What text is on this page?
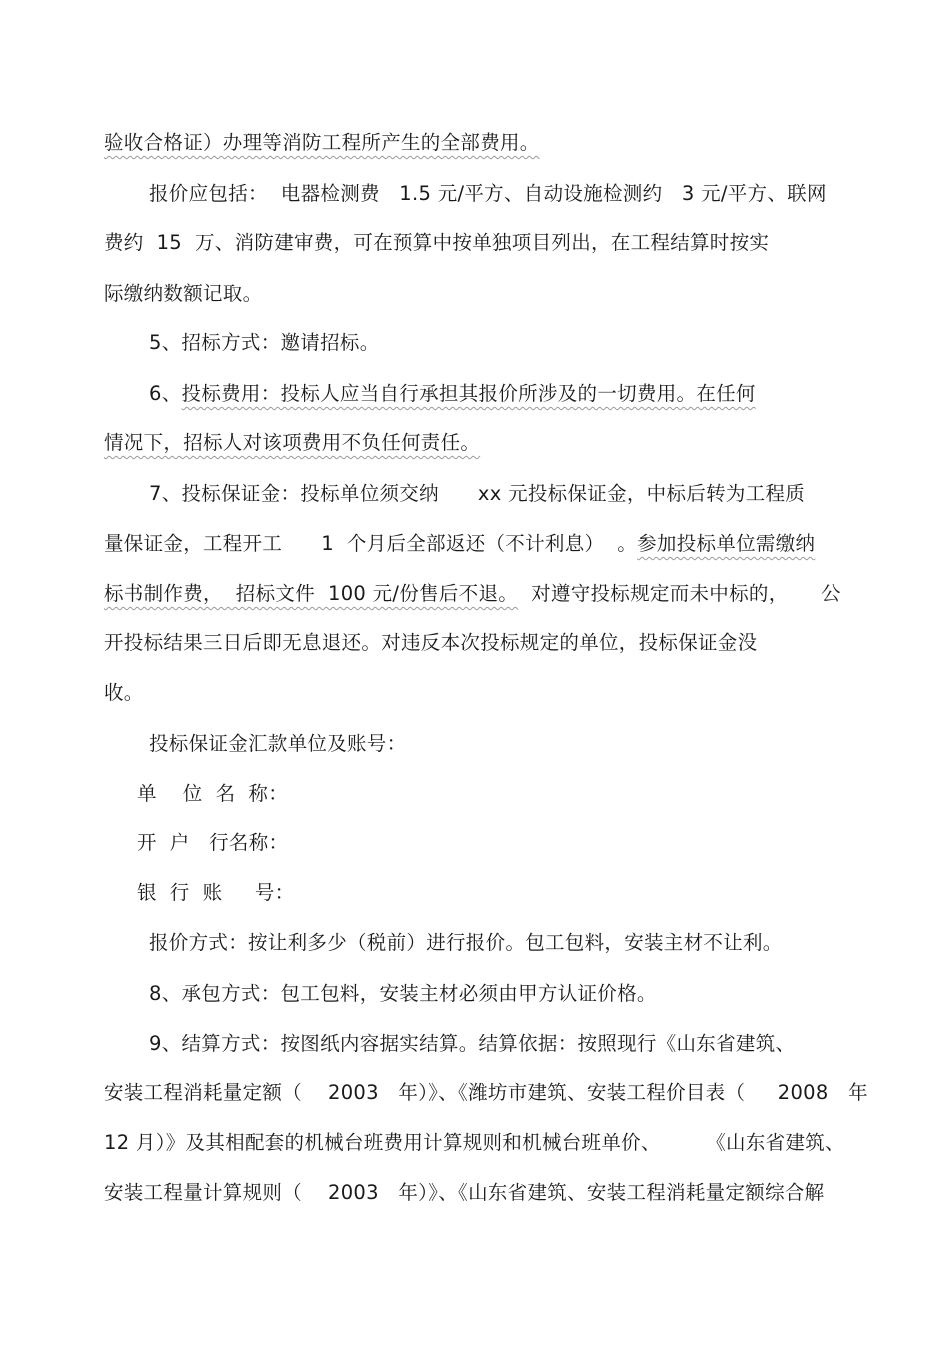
验收合格证）办理等消防工程所产生的全部费用。
报价应包括：  电器检测费   1.5 元/平方、自动设施检测约   3 元/平方、联网
费约  15  万、消防建审费，可在预算中按单独项目列出，在工程结算时按实
际缴纳数额记取。
5、招标方式：邀请招标。
6、投标费用：投标人应当自行承担其报价所涉及的一切费用。在任何
情况下，招标人对该项费用不负任何责任。
7、投标保证金：投标单位须交纳      xx 元投标保证金，中标后转为工程质
量保证金，工程开工      1  个月后全部返还（不计利息）  。参加投标单位需缴纳
标书制作费，  招标文件  100 元/份售后不退。  对遵守投标规定而未中标的，     公
开投标结果三日后即无息退还。对违反本次投标规定的单位，投标保证金没
收。
投标保证金汇款单位及账号：
单    位  名  称：
开  户   行名称：
银  行  账     号：
报价方式：按让利多少（税前）进行报价。包工包料，安装主材不让利。
8、承包方式：包工包料，安装主材必须由甲方认证价格。
9、结算方式：按图纸内容据实结算。结算依据：按照现行《山东省建筑、
安装工程消耗量定额（    2003   年）》、《潍坊市建筑、安装工程价目表（     2008   年
12 月）》及其相配套的机械台班费用计算规则和机械台班单价、       《山东省建筑、
安装工程量计算规则（    2003   年）》、《山东省建筑、安装工程消耗量定额综合解
